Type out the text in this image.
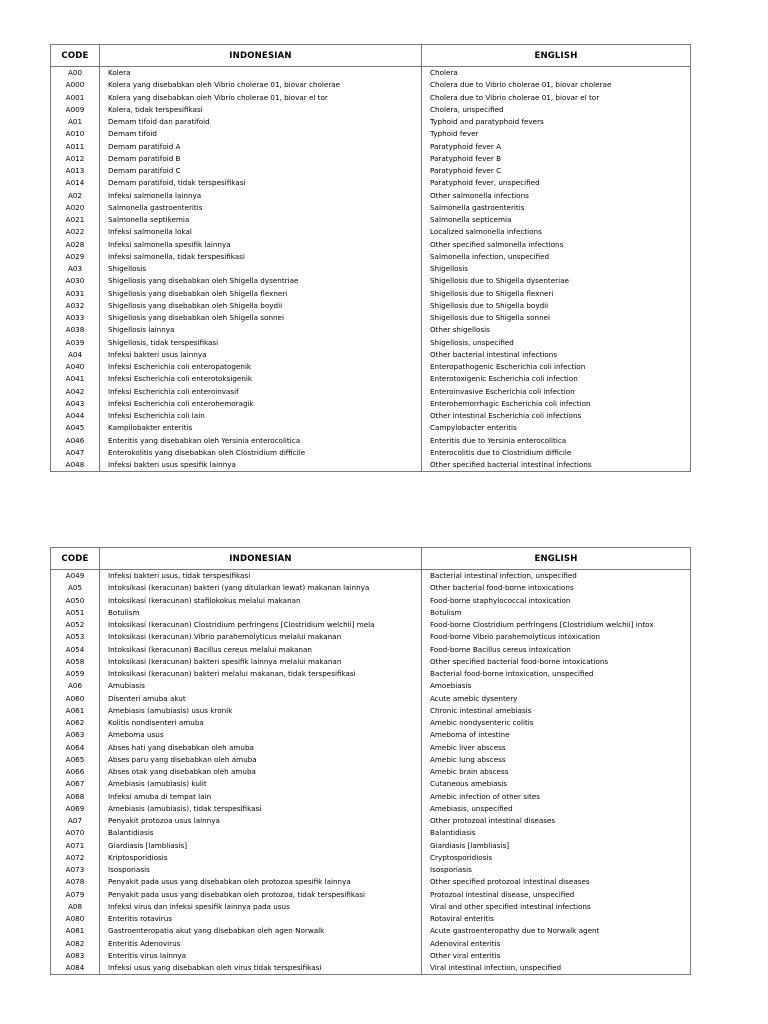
CODE	INDONESIAN	ENGLISH
A00	Kolera	Cholera
A000	Kolera yang disebabkan oleh Vibrio cholerae 01, biovar cholerae	Cholera due to Vibrio cholerae 01, biovar cholerae
A001	Kolera yang disebabkan oleh Vibrio cholerae 01, biovar el tor	Cholera due to Vibrio cholerae 01, biovar el tor
A009	Kolera, tidak terspesifikasi	Cholera, unspecified
A01	Demam tifoid dan paratifoid	Typhoid and paratyphoid fevers
A010	Demam tifoid	Typhoid fever
A011	Demam paratifoid A	Paratyphoid fever A
A012	Demam paratifoid B	Paratyphoid fever B
A013	Demam paratifoid C	Paratyphoid fever C
A014	Demam paratifoid, tidak terspesifikasi	Paratyphoid fever, unspecified
A02	Infeksi salmonella lainnya	Other salmonella infections
A020	Salmonella gastroenteritis	Salmonella gastroenteritis
A021	Salmonella septikemia	Salmonella septicemia
A022	Infeksi salmonella lokal	Localized salmonella infections
A028	Infeksi salmonella spesifik lainnya	Other specified salmonella infections
A029	Infeksi salmonella, tidak terspesifikasi	Salmonella infection, unspecified
A03	Shigellosis	Shigellosis
A030	Shigellosis yang disebabkan oleh Shigella dysentriae	Shigellosis due to Shigella dysenteriae
A031	Shigellosis yang disebabkan oleh Shigella flexneri	Shigellosis due to Shigella flexneri
A032	Shigellosis yang disebabkan oleh Shigella boydii	Shigellosis due to Shigella boydii
A033	Shigellosis yang disebabkan oleh Shigella sonnei	Shigellosis due to Shigella sonnei
A038	Shigellosis lainnya	Other shigellosis
A039	Shigellosis, tidak terspesifikasi	Shigellosis, unspecified
A04	Infeksi bakteri usus lainnya	Other bacterial intestinal infections
A040	Infeksi Escherichia coli enteropatogenik	Enteropathogenic Escherichia coli infection
A041	Infeksi Escherichia coli enterotoksigenik	Enterotoxigenic Escherichia coli infection
A042	Infeksi Escherichia coli enteroinvasif	Enteroinvasive Escherichia coli infection
A043	Infeksi Escherichia coli enterohemoragik	Enterohemorrhagic Escherichia coli infection
A044	Infeksi Escherichia coli lain	Other intestinal Escherichia coli infections
A045	Kampilobakter enteritis	Campylobacter enteritis
A046	Enteritis yang disebabkan oleh Yersinia enterocolitica	Enteritis due to Yersinia enterocolitica
A047	Enterokolitis yang disebabkan oleh Clostridium difficile	Enterocolitis due to Clostridium difficile
A048	Infeksi bakteri usus spesifik lainnya	Other specified bacterial intestinal infections
CODE	INDONESIAN	ENGLISH
A049	Infeksi bakteri usus, tidak terspesifikasi	Bacterial intestinal infection, unspecified
A05	Intoksikasi (keracunan) bakteri (yang ditularkan lewat) makanan lainnya	Other bacterial food-borne intoxications
A050	Intoksikasi (keracunan) stafilokokus melalui makanan	Food-borne staphylococcal intoxication
A051	Botulism	Botulism
A052	Intoksikasi (keracunan) Clostridium perfringens [Clostridium welchii] mela	Food-borne Clostridium perfringens [Clostridium welchii] intox
A053	Intoksikasi (keracunan) Vibrio parahemolyticus melalui makanan	Food-borne Vibrio parahemolyticus intoxication
A054	Intoksikasi (keracunan) Bacillus cereus melalui makanan	Food-borne Bacillus cereus intoxication
A058	Intoksikasi (keracunan) bakteri spesifik lainnya melalui makanan	Other specified bacterial food-borne intoxications
A059	Intoksikasi (keracunan) bakteri melalui makanan, tidak terspesifikasi	Bacterial food-borne intoxication, unspecified
A06	Amubiasis	Amoebiasis
A060	Disenteri amuba akut	Acute amebic dysentery
A061	Amebiasis (amubiasis) usus kronik	Chronic intestinal amebiasis
A062	Kolitis nondisenteri amuba	Amebic nondysenteric colitis
A063	Ameboma usus	Ameboma of intestine
A064	Abses hati yang disebabkan oleh amuba	Amebic liver abscess
A065	Abses paru yang disebabkan oleh amuba	Amebic lung abscess
A066	Abses otak yang disebabkan oleh amuba	Amebic brain abscess
A067	Amebiasis (amubiasis) kulit	Cutaneous amebiasis
A068	Infeksi amuba di tempat lain	Amebic infection of other sites
A069	Amebiasis (amubiasis), tidak terspesifikasi	Amebiasis, unspecified
A07	Penyakit protozoa usus lainnya	Other protozoal intestinal diseases
A070	Balantidiasis	Balantidiasis
A071	Giardiasis [lambliasis]	Giardiasis [lambliasis]
A072	Kriptosporidiosis	Cryptosporidiosis
A073	Isosporiasis	Isosporiasis
A078	Penyakit pada usus yang disebabkan oleh protozoa spesifik lainnya	Other specified protozoal intestinal diseases
A079	Penyakit pada usus yang disebabkan oleh protozoa, tidak terspesifikasi	Protozoal intestinal disease, unspecified
A08	Infeksi virus dan infeksi spesifik lainnya pada usus	Viral and other specified intestinal infections
A080	Enteritis rotavirus	Rotaviral enteritis
A081	Gastroenteropatia akut yang disebabkan oleh agen Norwalk	Acute gastroenteropathy due to Norwalk agent
A082	Enteritis Adenovirus	Adenoviral enteritis
A083	Enteritis virus lainnya	Other viral enteritis
A084	Infeksi usus yang disebabkan oleh virus tidak terspesifikasi	Viral intestinal infection, unspecified
